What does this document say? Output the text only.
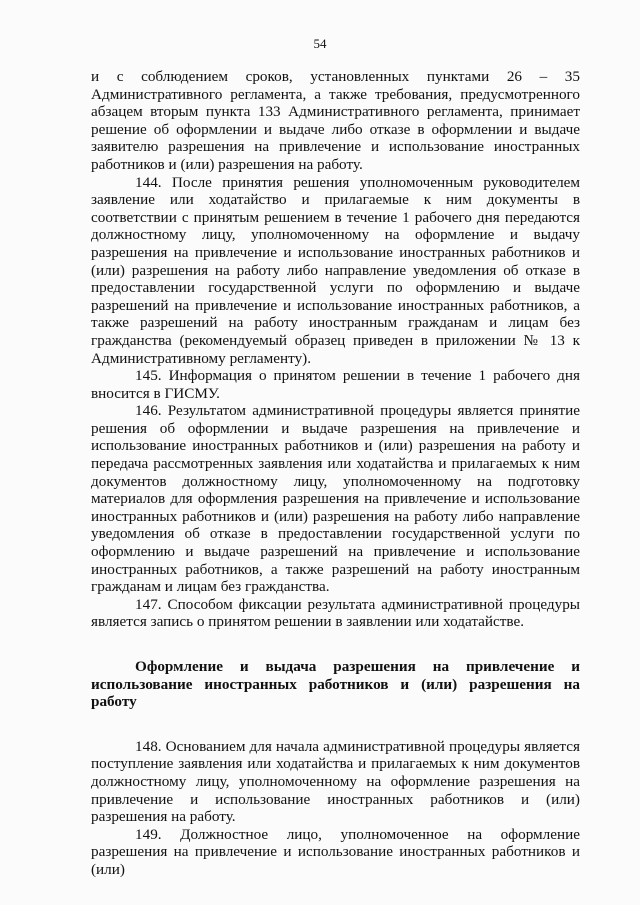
54

и с соблюдением сроков, установленных пунктами 26 – 35 Административного регламента, а также требования, предусмотренного абзацем вторым пункта 133 Административного регламента, принимает решение об оформлении и выдаче либо отказе в оформлении и выдаче заявителю разрешения на привлечение и использование иностранных работников и (или) разрешения на работу.

144. После принятия решения уполномоченным руководителем заявление или ходатайство и прилагаемые к ним документы в соответствии с принятым решением в течение 1 рабочего дня передаются должностному лицу, уполномоченному на оформление и выдачу разрешения на привлечение и использование иностранных работников и (или) разрешения на работу либо направление уведомления об отказе в предоставлении государственной услуги по оформлению и выдаче разрешений на привлечение и использование иностранных работников, а также разрешений на работу иностранным гражданам и лицам без гражданства (рекомендуемый образец приведен в приложении № 13 к Административному регламенту).

145. Информация о принятом решении в течение 1 рабочего дня вносится в ГИСМУ.

146. Результатом административной процедуры является принятие решения об оформлении и выдаче разрешения на привлечение и использование иностранных работников и (или) разрешения на работу и передача рассмотренных заявления или ходатайства и прилагаемых к ним документов должностному лицу, уполномоченному на подготовку материалов для оформления разрешения на привлечение и использование иностранных работников и (или) разрешения на работу либо направление уведомления об отказе в предоставлении государственной услуги по оформлению и выдаче разрешений на привлечение и использование иностранных работников, а также разрешений на работу иностранным гражданам и лицам без гражданства.

147. Способом фиксации результата административной процедуры является запись о принятом решении в заявлении или ходатайстве.

Оформление и выдача разрешения на привлечение и использование иностранных работников и (или) разрешения на работу

148. Основанием для начала административной процедуры является поступление заявления или ходатайства и прилагаемых к ним документов должностному лицу, уполномоченному на оформление разрешения на привлечение и использование иностранных работников и (или) разрешения на работу.

149. Должностное лицо, уполномоченное на оформление разрешения на привлечение и использование иностранных работников и (или)
